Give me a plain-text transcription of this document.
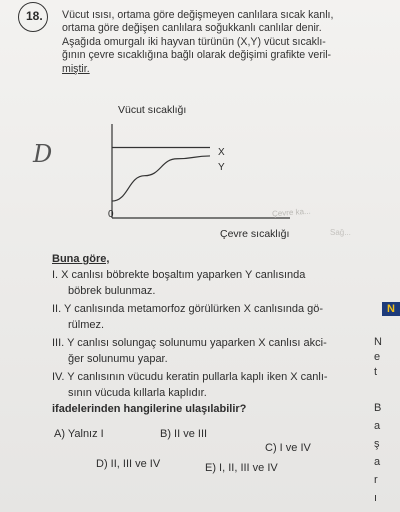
18. Vücut ısısı, ortama göre değişmeyen canlılara sıcak kanlı,
ortama göre değişen canlılara soğukkanlı canlılar denir.
Aşağıda omurgalı iki hayvan türünün (X,Y) vücut sıcaklı-
ğının çevre sıcaklığına bağlı olarak değişimi grafikte veril-
miştir.
D
Vücut sıcaklığı
0
X
Y
Çevre sıcaklığı
Çevre ka...
Sağ...
Buna göre,
I. X canlısı böbrekte boşaltım yaparken Y canlısında
böbrek bulunmaz.
II. Y canlısında metamorfoz görülürken X canlısında gö-
rülmez.
III. Y canlısı solungaç solunumu yaparken X canlısı akci-
ğer solunumu yapar.
IV. Y canlısının vücudu keratin pullarla kaplı iken X canlı-
sının vücuda kıllarla kaplıdır.
ifadelerinden hangilerine ulaşılabilir?
A) Yalnız I	B) II ve III
C) I ve IV
D) II, III ve IV	E) I, II, III ve IV
N
N
e
t
B
a
ş
a
r
ı
